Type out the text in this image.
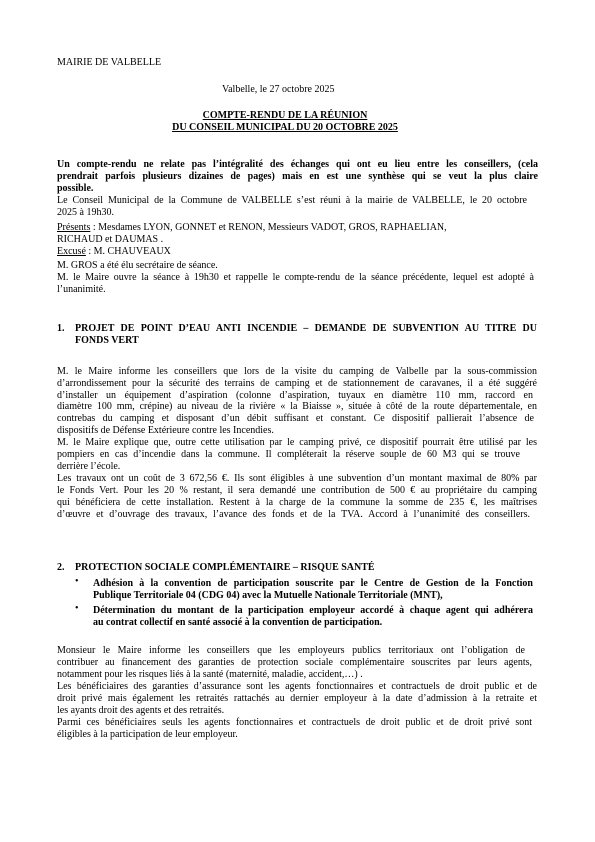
MAIRIE DE VALBELLE
Valbelle, le 27 octobre 2025
COMPTE-RENDU DE LA RÉUNION
DU CONSEIL MUNICIPAL DU 20 OCTOBRE 2025
Un compte-rendu ne relate pas l’intégralité des échanges qui ont eu lieu entre les conseillers, (cela
prendrait parfois plusieurs dizaines de pages) mais en est une synthèse qui se veut la plus claire
possible.
Le Conseil Municipal de la Commune de VALBELLE s’est réuni à la mairie de VALBELLE, le 20 octobre
2025 à 19h30.
Présents : Mesdames LYON, GONNET et RENON, Messieurs VADOT, GROS, RAPHAELIAN,
RICHAUD et DAUMAS .
Excusé : M. CHAUVEAUX
M. GROS a été élu secrétaire de séance.
M. le Maire ouvre la séance à 19h30 et rappelle le compte-rendu de la séance précédente, lequel est adopté à
l’unanimité.
1. PROJET DE POINT D’EAU ANTI INCENDIE – DEMANDE DE SUBVENTION AU TITRE DU
FONDS VERT
M. le Maire informe les conseillers que lors de la visite du camping de Valbelle par la sous-commission
d’arrondissement pour la sécurité des terrains de camping et de stationnement de caravanes, il a été suggéré
d’installer un équipement d’aspiration (colonne d’aspiration, tuyaux en diamètre 110 mm, raccord en
diamètre 100 mm, crépine) au niveau de la rivière « la Biaisse », située à côté de la route départementale, en
contrebas du camping et disposant d’un débit suffisant et constant. Ce dispositif pallierait l’absence de
dispositifs de Défense Extérieure contre les Incendies.
M. le Maire explique que, outre cette utilisation par le camping privé, ce dispositif pourrait être utilisé par les
pompiers en cas d’incendie dans la commune. Il compléterait la réserve souple de 60 M3 qui se trouve
derrière l’école.
Les travaux ont un coût de 3 672,56 €. Ils sont éligibles à une subvention d’un montant maximal de 80% par
le Fonds Vert. Pour les 20 % restant, il sera demandé une contribution de 500 € au propriétaire du camping
qui bénéficiera de cette installation. Restent à la charge de la commune la somme de 235 €, les maîtrises
d’œuvre et d’ouvrage des travaux, l’avance des fonds et de la TVA. Accord à l’unanimité des conseillers.
2. PROTECTION SOCIALE COMPLÉMENTAIRE – RISQUE SANTÉ
• Adhésion à la convention de participation souscrite par le Centre de Gestion de la Fonction
Publique Territoriale 04 (CDG 04) avec la Mutuelle Nationale Territoriale (MNT),
• Détermination du montant de la participation employeur accordé à chaque agent qui adhérera
au contrat collectif en santé associé à la convention de participation.
Monsieur le Maire informe les conseillers que les employeurs publics territoriaux ont l’obligation de
contribuer au financement des garanties de protection sociale complémentaire souscrites par leurs agents,
notamment pour les risques liés à la santé (maternité, maladie, accident,…) .
Les bénéficiaires des garanties d’assurance sont les agents fonctionnaires et contractuels de droit public et de
droit privé mais également les retraités rattachés au dernier employeur à la date d’admission à la retraite et
les ayants droit des agents et des retraités.
Parmi ces bénéficiaires seuls les agents fonctionnaires et contractuels de droit public et de droit privé sont
éligibles à la participation de leur employeur.
